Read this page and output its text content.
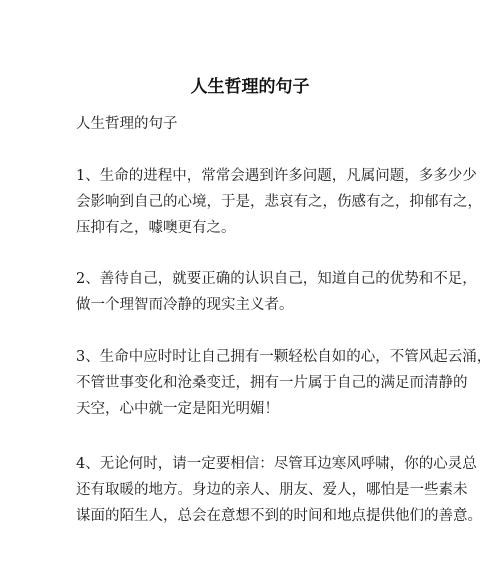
人生哲理的句子

人生哲理的句子

1、生命的进程中，常常会遇到许多问题，凡属问题，多多少少
会影响到自己的心境，于是，悲哀有之，伤感有之，抑郁有之，
压抑有之，噱噢更有之。

2、善待自己，就要正确的认识自己，知道自己的优势和不足，
做一个理智而冷静的现实主义者。

3、生命中应时时让自己拥有一颗轻松自如的心，不管风起云涌，
不管世事变化和沧桑变迁，拥有一片属于自己的满足而清静的
天空，心中就一定是阳光明媚！

4、无论何时，请一定要相信：尽管耳边寒风呼啸，你的心灵总
还有取暖的地方。身边的亲人、朋友、爱人，哪怕是一些素未
谋面的陌生人，总会在意想不到的时间和地点提供他们的善意。
